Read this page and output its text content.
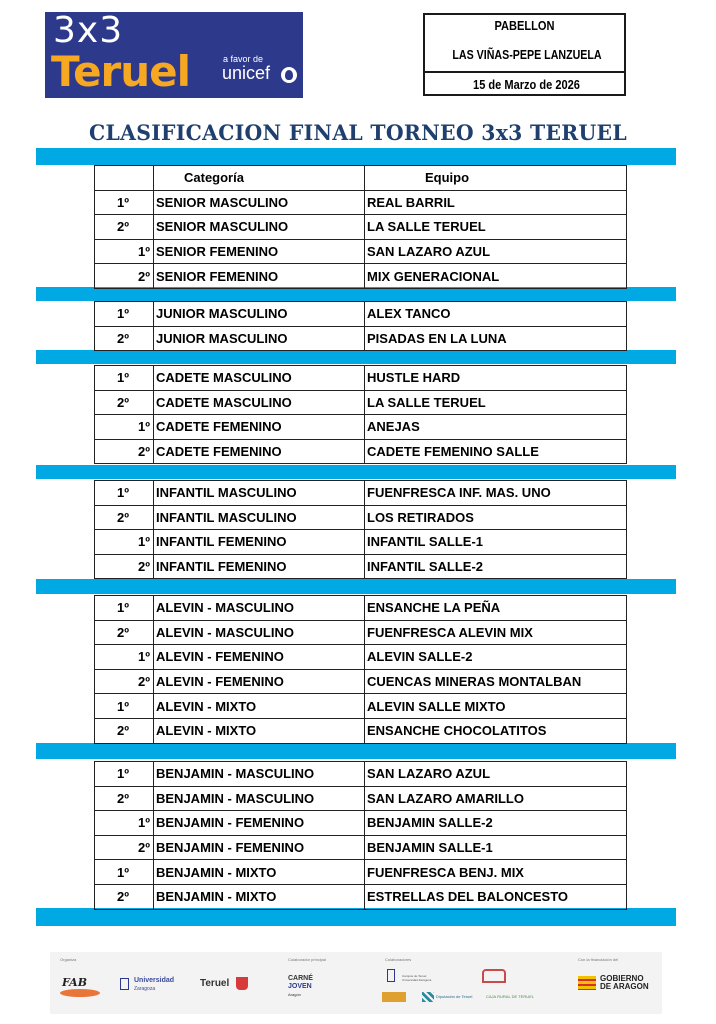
3x3
Teruel	a favor de
unicef
PABELLON
LAS VIÑAS-PEPE LANZUELA
15 de Marzo de 2026
CLASIFICACION FINAL TORNEO 3x3 TERUEL
	Categoría	Equipo
1º	SENIOR MASCULINO	REAL BARRIL
2º	SENIOR MASCULINO	LA SALLE TERUEL
1º	SENIOR FEMENINO	SAN LAZARO AZUL
2º	SENIOR FEMENINO	MIX GENERACIONAL
1º	JUNIOR MASCULINO	ALEX TANCO
2º	JUNIOR MASCULINO	PISADAS EN LA LUNA
1º	CADETE MASCULINO	HUSTLE HARD
2º	CADETE MASCULINO	LA SALLE TERUEL
1º	CADETE FEMENINO	ANEJAS
2º	CADETE FEMENINO	CADETE FEMENINO SALLE
1º	INFANTIL MASCULINO	FUENFRESCA INF. MAS. UNO
2º	INFANTIL MASCULINO	LOS RETIRADOS
1º	INFANTIL FEMENINO	INFANTIL SALLE-1
2º	INFANTIL FEMENINO	INFANTIL SALLE-2
1º	ALEVIN - MASCULINO	ENSANCHE LA PEÑA
2º	ALEVIN - MASCULINO	FUENFRESCA ALEVIN MIX
1º	ALEVIN - FEMENINO	ALEVIN SALLE-2
2º	ALEVIN - FEMENINO	CUENCAS MINERAS MONTALBAN
1º	ALEVIN - MIXTO	ALEVIN SALLE MIXTO
2º	ALEVIN - MIXTO	ENSANCHE CHOCOLATITOS
1º	BENJAMIN - MASCULINO	SAN LAZARO AZUL
2º	BENJAMIN - MASCULINO	SAN LAZARO AMARILLO
1º	BENJAMIN - FEMENINO	BENJAMIN SALLE-2
2º	BENJAMIN - FEMENINO	BENJAMIN SALLE-1
1º	BENJAMIN - MIXTO	FUENFRESCA BENJ. MIX
2º	BENJAMIN - MIXTO	ESTRELLAS DEL BALONCESTO
Organiza	Colaborador principal	Colaboradores	Con la financiación del
FAB	Universidad
Zaragoza	Teruel	CARNÉ
JOVEN
Aragón
Campus de Teruel Universidad Zaragoza
Diputación de Teruel	CAJA RURAL DE TERUEL
GOBIERNO
DE ARAGON
